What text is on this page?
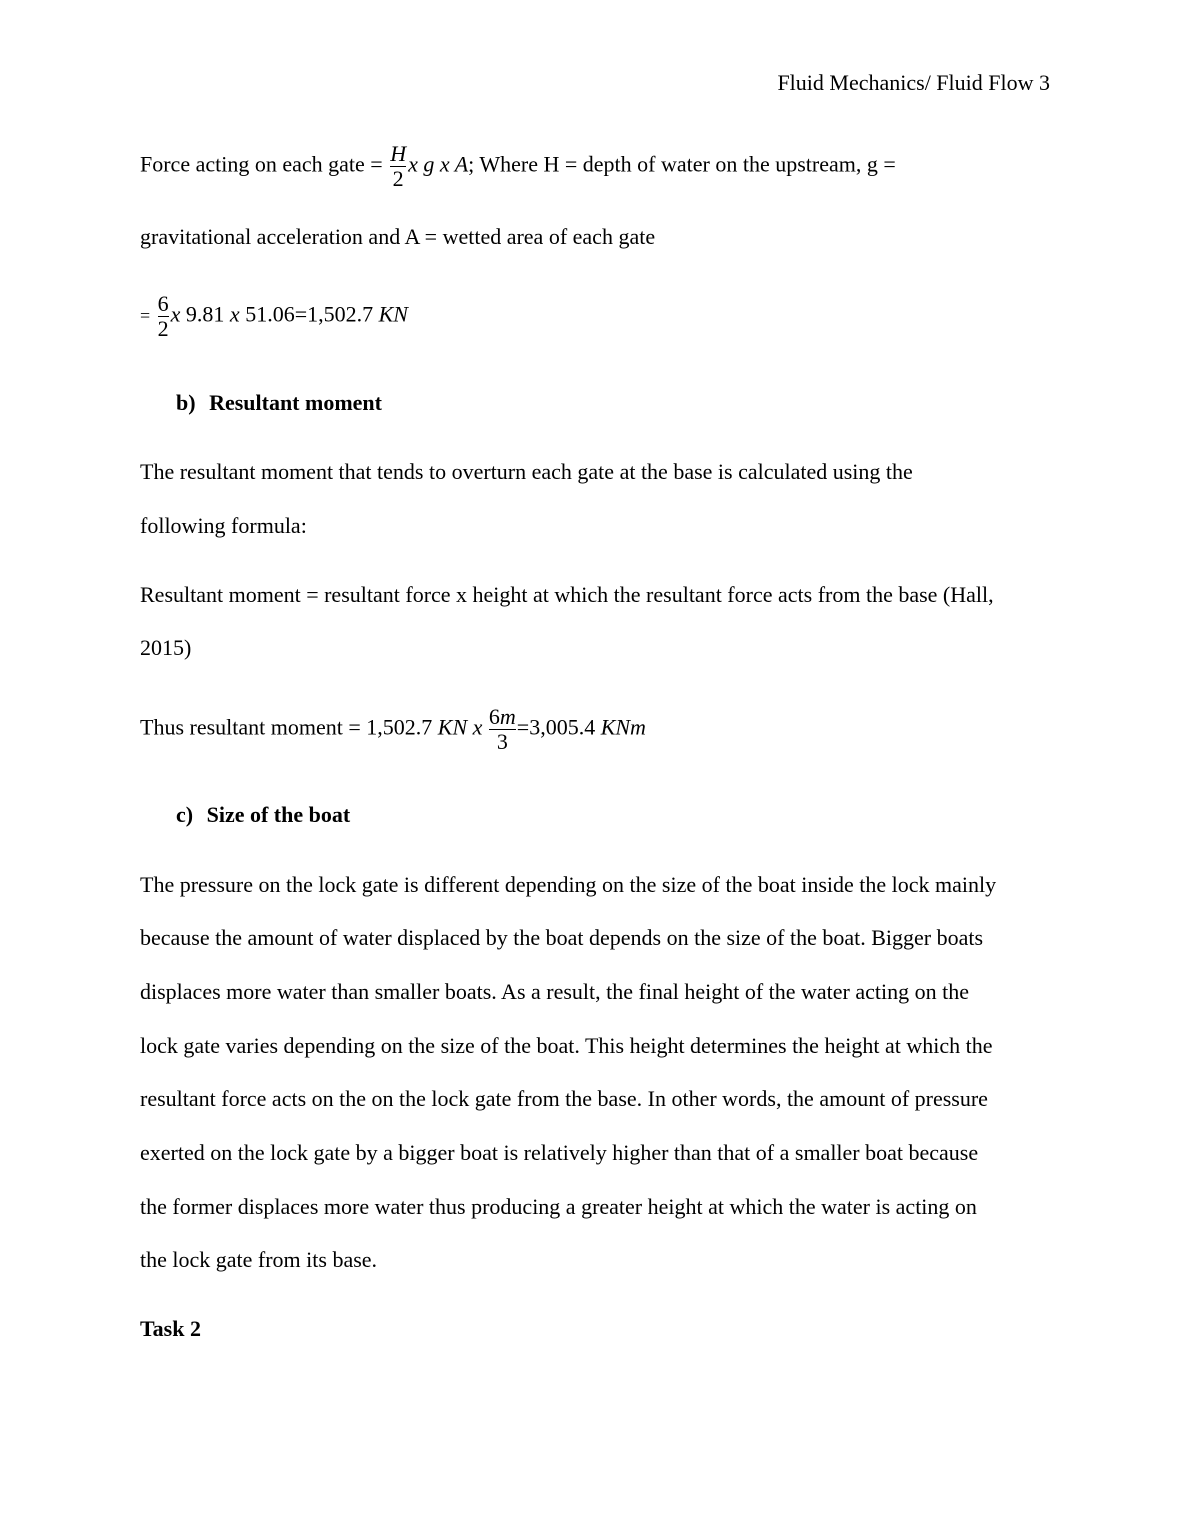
Fluid Mechanics/ Fluid Flow 3
Force acting on each gate = $\frac{H}{2}$ x g x A; Where H = depth of water on the upstream, g =
gravitational acceleration and A = wetted area of each gate
= $\frac{6}{2}$ x 9.81 x 51.06=1,502.7 KN
b) Resultant moment
The resultant moment that tends to overturn each gate at the base is calculated using the
following formula:
Resultant moment = resultant force x height at which the resultant force acts from the base (Hall,
2015)
Thus resultant moment = 1,502.7 KN x $\frac{6m}{3} =3,005.4$ KNm
c) Size of the boat
The pressure on the lock gate is different depending on the size of the boat inside the lock mainly
because the amount of water displaced by the boat depends on the size of the boat. Bigger boats
displaces more water than smaller boats. As a result, the final height of the water acting on the
lock gate varies depending on the size of the boat. This height determines the height at which the
resultant force acts on the on the lock gate from the base. In other words, the amount of pressure
exerted on the lock gate by a bigger boat is relatively higher than that of a smaller boat because
the former displaces more water thus producing a greater height at which the water is acting on
the lock gate from its base.
Task 2
